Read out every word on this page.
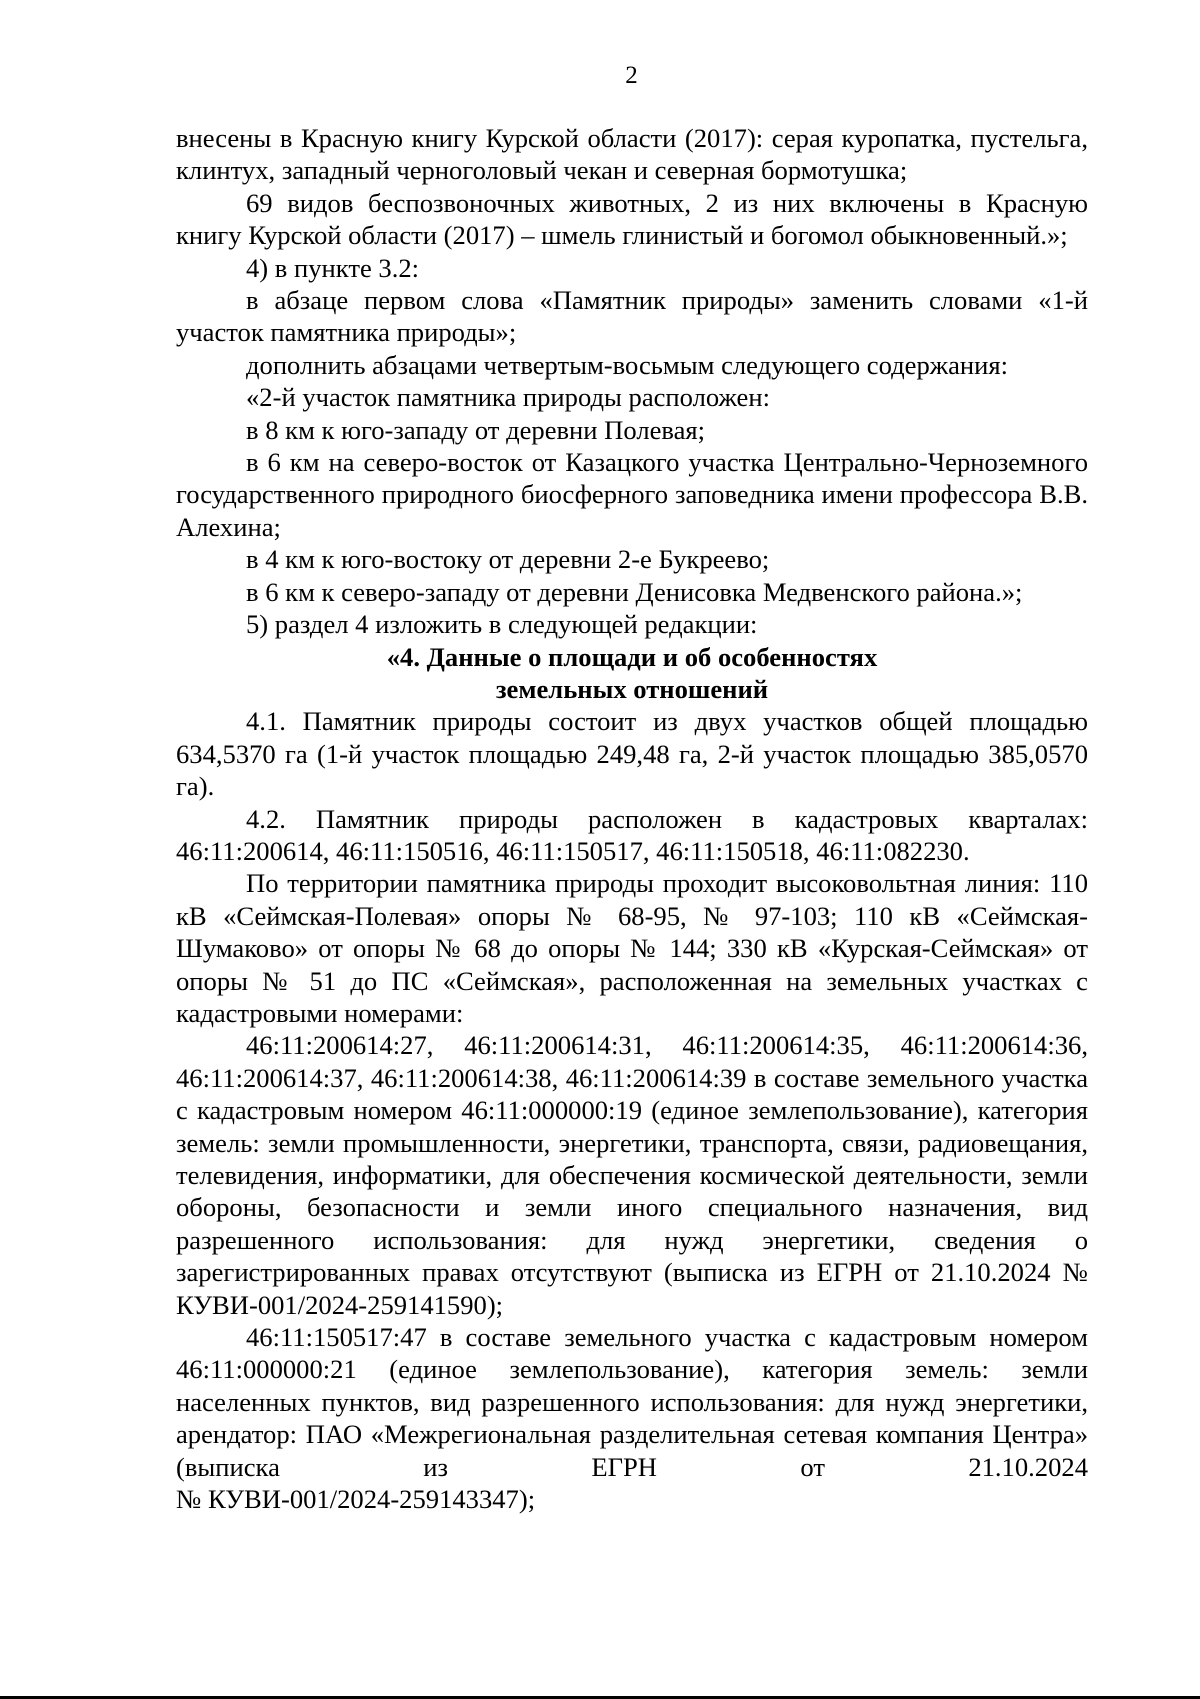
2

внесены в Красную книгу Курской области (2017): серая куропатка, пустельга, клинтух, западный черноголовый чекан и северная бормотушка;

69 видов беспозвоночных животных, 2 из них включены в Красную книгу Курской области (2017) – шмель глинистый и богомол обыкновенный.»;

4) в пункте 3.2:

в абзаце первом слова «Памятник природы» заменить словами «1-й участок памятника природы»;

дополнить абзацами четвертым-восьмым следующего содержания:

«2-й участок памятника природы расположен:

в 8 км к юго-западу от деревни Полевая;

в 6 км на северо-восток от Казацкого участка Центрально-Черноземного государственного природного биосферного заповедника имени профессора В.В. Алехина;

в 4 км к юго-востоку от деревни 2-е Букреево;

в 6 км к северо-западу от деревни Денисовка Медвенского района.»;

5) раздел 4 изложить в следующей редакции:

«4. Данные о площади и об особенностях
земельных отношений

4.1. Памятник природы состоит из двух участков общей площадью 634,5370 га (1-й участок площадью 249,48 га, 2-й участок площадью 385,0570 га).

4.2. Памятник природы расположен в кадастровых кварталах: 46:11:200614, 46:11:150516, 46:11:150517, 46:11:150518, 46:11:082230.

По территории памятника природы проходит высоковольтная линия: 110 кВ «Сеймская-Полевая» опоры № 68-95, № 97-103; 110 кВ «Сеймская-Шумаково» от опоры № 68 до опоры № 144; 330 кВ «Курская-Сеймская» от опоры № 51 до ПС «Сеймская», расположенная на земельных участках с кадастровыми номерами:

46:11:200614:27, 46:11:200614:31, 46:11:200614:35, 46:11:200614:36, 46:11:200614:37, 46:11:200614:38, 46:11:200614:39 в составе земельного участка с кадастровым номером 46:11:000000:19 (единое землепользование), категория земель: земли промышленности, энергетики, транспорта, связи, радиовещания, телевидения, информатики, для обеспечения космической деятельности, земли обороны, безопасности и земли иного специального назначения, вид разрешенного использования: для нужд энергетики, сведения о зарегистрированных правах отсутствуют (выписка из ЕГРН от 21.10.2024 № КУВИ-001/2024-259141590);

46:11:150517:47 в составе земельного участка с кадастровым номером 46:11:000000:21 (единое землепользование), категория земель: земли населенных пунктов, вид разрешенного использования: для нужд энергетики, арендатор: ПАО «Межрегиональная разделительная сетевая компания Центра» (выписка из ЕГРН от 21.10.2024

№ КУВИ-001/2024-259143347);
